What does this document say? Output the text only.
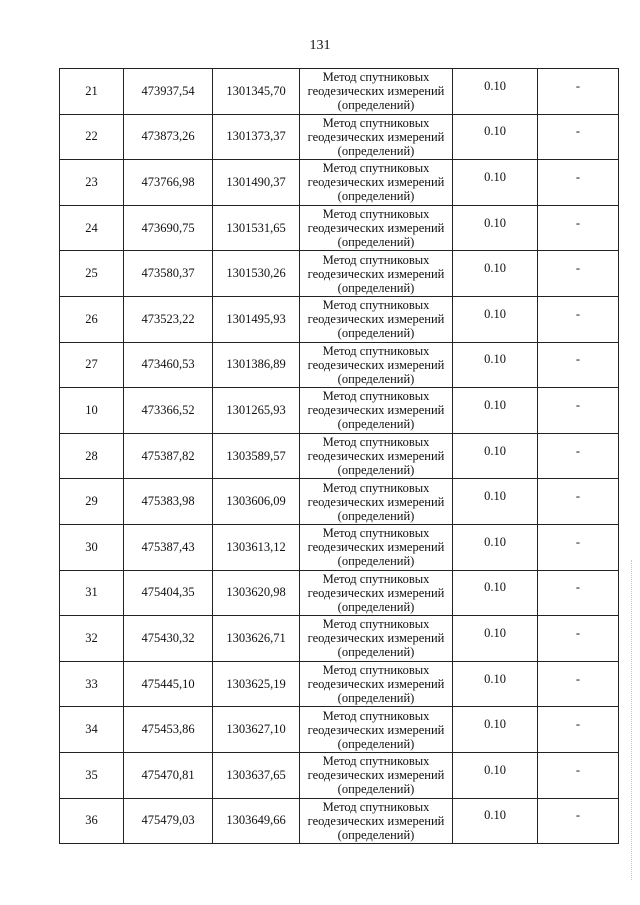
131
21	473937,54	1301345,70	Метод спутниковых
геодезических измерений
(определений)	0.10	-
22	473873,26	1301373,37	Метод спутниковых
геодезических измерений
(определений)	0.10	-
23	473766,98	1301490,37	Метод спутниковых
геодезических измерений
(определений)	0.10	-
24	473690,75	1301531,65	Метод спутниковых
геодезических измерений
(определений)	0.10	-
25	473580,37	1301530,26	Метод спутниковых
геодезических измерений
(определений)	0.10	-
26	473523,22	1301495,93	Метод спутниковых
геодезических измерений
(определений)	0.10	-
27	473460,53	1301386,89	Метод спутниковых
геодезических измерений
(определений)	0.10	-
10	473366,52	1301265,93	Метод спутниковых
геодезических измерений
(определений)	0.10	-
28	475387,82	1303589,57	Метод спутниковых
геодезических измерений
(определений)	0.10	-
29	475383,98	1303606,09	Метод спутниковых
геодезических измерений
(определений)	0.10	-
30	475387,43	1303613,12	Метод спутниковых
геодезических измерений
(определений)	0.10	-
31	475404,35	1303620,98	Метод спутниковых
геодезических измерений
(определений)	0.10	-
32	475430,32	1303626,71	Метод спутниковых
геодезических измерений
(определений)	0.10	-
33	475445,10	1303625,19	Метод спутниковых
геодезических измерений
(определений)	0.10	-
34	475453,86	1303627,10	Метод спутниковых
геодезических измерений
(определений)	0.10	-
35	475470,81	1303637,65	Метод спутниковых
геодезических измерений
(определений)	0.10	-
36	475479,03	1303649,66	Метод спутниковых
геодезических измерений
(определений)	0.10	-
